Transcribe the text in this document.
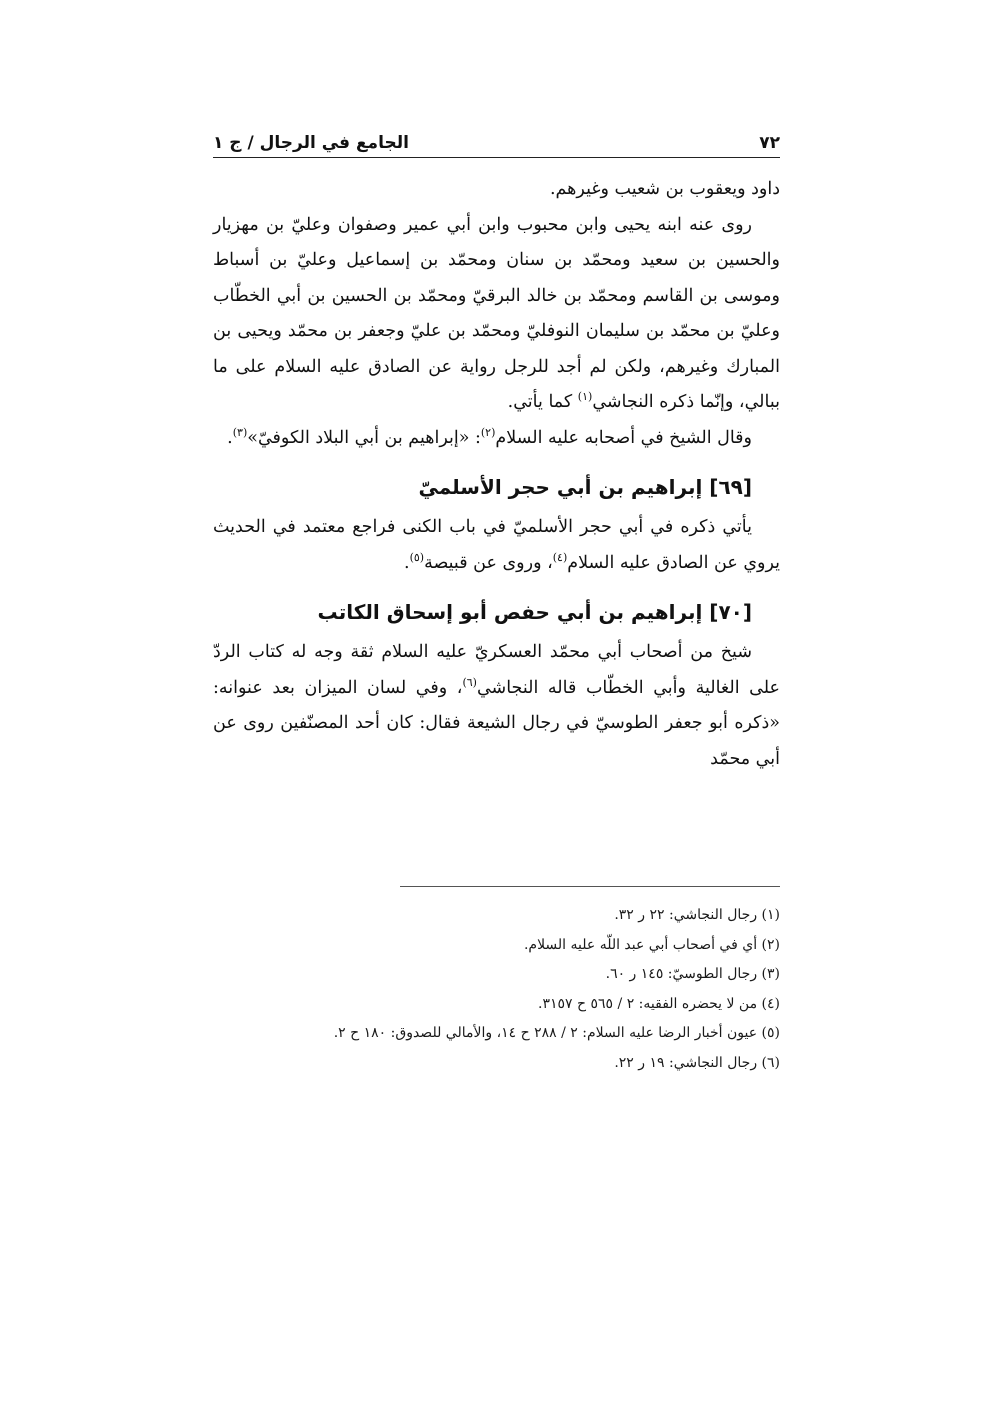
٧٢
الجامع في الرجال / ج ١

داود ويعقوب بن شعيب وغيرهم.

روى عنه ابنه يحيى وابن محبوب وابن أبي عمير وصفوان وعليّ بن مهزيار والحسين بن سعيد ومحمّد بن سنان ومحمّد بن إسماعيل وعليّ بن أسباط وموسى بن القاسم ومحمّد بن خالد البرقيّ ومحمّد بن الحسين بن أبي الخطّاب وعليّ بن محمّد بن سليمان النوفليّ ومحمّد بن عليّ وجعفر بن محمّد ويحيى بن المبارك وغيرهم، ولكن لم أجد للرجل رواية عن الصادق عليه السلام على ما ببالي، وإنّما ذكره النجاشي$^{(١)}$ كما يأتي.

وقال الشيخ في أصحابه عليه السلام$^{(٢)}$: «إبراهيم بن أبي البلاد الكوفيّ»$^{(٣)}$.

[٦٩] إبراهيم بن أبي حجر الأسلميّ

يأتي ذكره في أبي حجر الأسلميّ في باب الكنى فراجع معتمد في الحديث يروي عن الصادق عليه السلام$^{(٤)}$، وروى عن قبيصة$^{(٥)}$.

[٧٠] إبراهيم بن أبي حفص أبو إسحاق الكاتب

شيخ من أصحاب أبي محمّد العسكريّ عليه السلام ثقة وجه له كتاب الردّ على الغالية وأبي الخطّاب قاله النجاشي$^{(٦)}$، وفي لسان الميزان بعد عنوانه: «ذكره أبو جعفر الطوسيّ في رجال الشيعة فقال: كان أحد المصنّفين روى عن أبي محمّد

(١) رجال النجاشي: ٢٢ ر ٣٢.
(٢) أي في أصحاب أبي عبد اللّه عليه السلام.
(٣) رجال الطوسيّ: ١٤٥ ر ٦٠.
(٤) من لا يحضره الفقيه: ٢ / ٥٦٥ ح ٣١٥٧.
(٥) عيون أخبار الرضا عليه السلام: ٢ / ٢٨٨ ح ١٤، والأمالي للصدوق: ١٨٠ ح ٢.
(٦) رجال النجاشي: ١٩ ر ٢٢.
